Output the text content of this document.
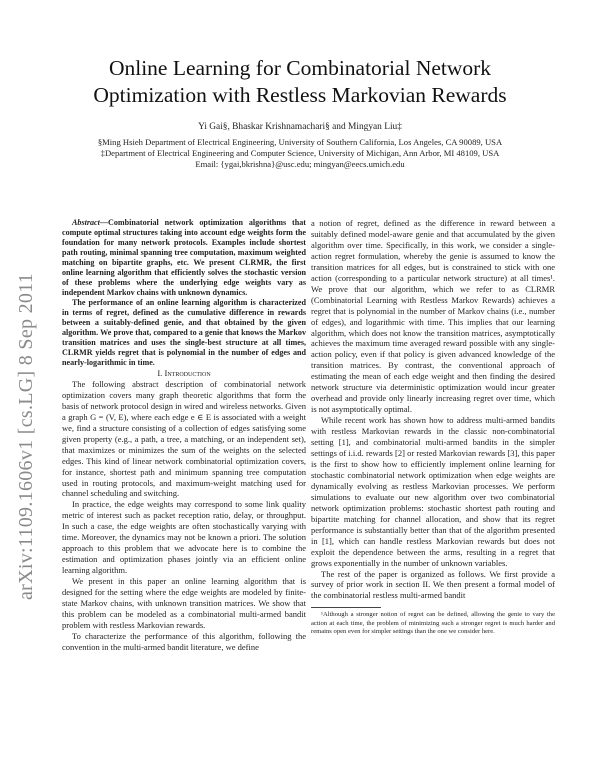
Online Learning for Combinatorial Network
Optimization with Restless Markovian Rewards
Yi Gai§, Bhaskar Krishnamachari§ and Mingyan Liu‡
§Ming Hsieh Department of Electrical Engineering, University of Southern California, Los Angeles, CA 90089, USA
‡Department of Electrical Engineering and Computer Science, University of Michigan, Ann Arbor, MI 48109, USA
Email: {ygai,bkrishna}@usc.edu; mingyan@eecs.umich.edu
arXiv:1109.1606v1 [cs.LG] 8 Sep 2011

Abstract—Combinatorial network optimization algorithms that compute optimal structures taking into account edge weights form the foundation for many network protocols. Examples include shortest path routing, minimal spanning tree computation, maximum weighted matching on bipartite graphs, etc. We present CLRMR, the first online learning algorithm that efficiently solves the stochastic version of these problems where the underlying edge weights vary as independent Markov chains with unknown dynamics.

The performance of an online learning algorithm is characterized in terms of regret, defined as the cumulative difference in rewards between a suitably-defined genie, and that obtained by the given algorithm. We prove that, compared to a genie that knows the Markov transition matrices and uses the single-best structure at all times, CLRMR yields regret that is polynomial in the number of edges and nearly-logarithmic in time.

I. Introduction

The following abstract description of combinatorial network optimization covers many graph theoretic algorithms that form the basis of network protocol design in wired and wireless networks. Given a graph G = (V, E), where each edge e ∈ E is associated with a weight we, find a structure consisting of a collection of edges satisfying some given property (e.g., a path, a tree, a matching, or an independent set), that maximizes or minimizes the sum of the weights on the selected edges. This kind of linear network combinatorial optimization covers, for instance, shortest path and minimum spanning tree computation used in routing protocols, and maximum-weight matching used for channel scheduling and switching.

In practice, the edge weights may correspond to some link quality metric of interest such as packet reception ratio, delay, or throughput. In such a case, the edge weights are often stochastically varying with time. Moreover, the dynamics may not be known a priori. The solution approach to this problem that we advocate here is to combine the estimation and optimization phases jointly via an efficient online learning algorithm.

We present in this paper an online learning algorithm that is designed for the setting where the edge weights are modeled by finite-state Markov chains, with unknown transition matrices. We show that this problem can be modeled as a combinatorial multi-armed bandit problem with restless Markovian rewards.

To characterize the performance of this algorithm, following the convention in the multi-armed bandit literature, we define

a notion of regret, defined as the difference in reward between a suitably defined model-aware genie and that accumulated by the given algorithm over time. Specifically, in this work, we consider a single-action regret formulation, whereby the genie is assumed to know the transition matrices for all edges, but is constrained to stick with one action (corresponding to a particular network structure) at all times¹. We prove that our algorithm, which we refer to as CLRMR (Combinatorial Learning with Restless Markov Rewards) achieves a regret that is polynomial in the number of Markov chains (i.e., number of edges), and logarithmic with time. This implies that our learning algorithm, which does not know the transition matrices, asymptotically achieves the maximum time averaged reward possible with any single-action policy, even if that policy is given advanced knowledge of the transition matrices. By contrast, the conventional approach of estimating the mean of each edge weight and then finding the desired network structure via deterministic optimization would incur greater overhead and provide only linearly increasing regret over time, which is not asymptotically optimal.

While recent work has shown how to address multi-armed bandits with restless Markovian rewards in the classic non-combinatorial setting [1], and combinatorial multi-armed bandits in the simpler settings of i.i.d. rewards [2] or rested Markovian rewards [3], this paper is the first to show how to efficiently implement online learning for stochastic combinatorial network optimization when edge weights are dynamically evolving as restless Markovian processes. We perform simulations to evaluate our new algorithm over two combinatorial network optimization problems: stochastic shortest path routing and bipartite matching for channel allocation, and show that its regret performance is substantially better than that of the algorithm presented in [1], which can handle restless Markovian rewards but does not exploit the dependence between the arms, resulting in a regret that grows exponentially in the number of unknown variables.

The rest of the paper is organized as follows. We first provide a survey of prior work in section II. We then present a formal model of the combinatorial restless multi-armed bandit

¹Although a stronger notion of regret can be defined, allowing the genie to vary the action at each time, the problem of minimizing such a stronger regret is much harder and remains open even for simpler settings than the one we consider here.
